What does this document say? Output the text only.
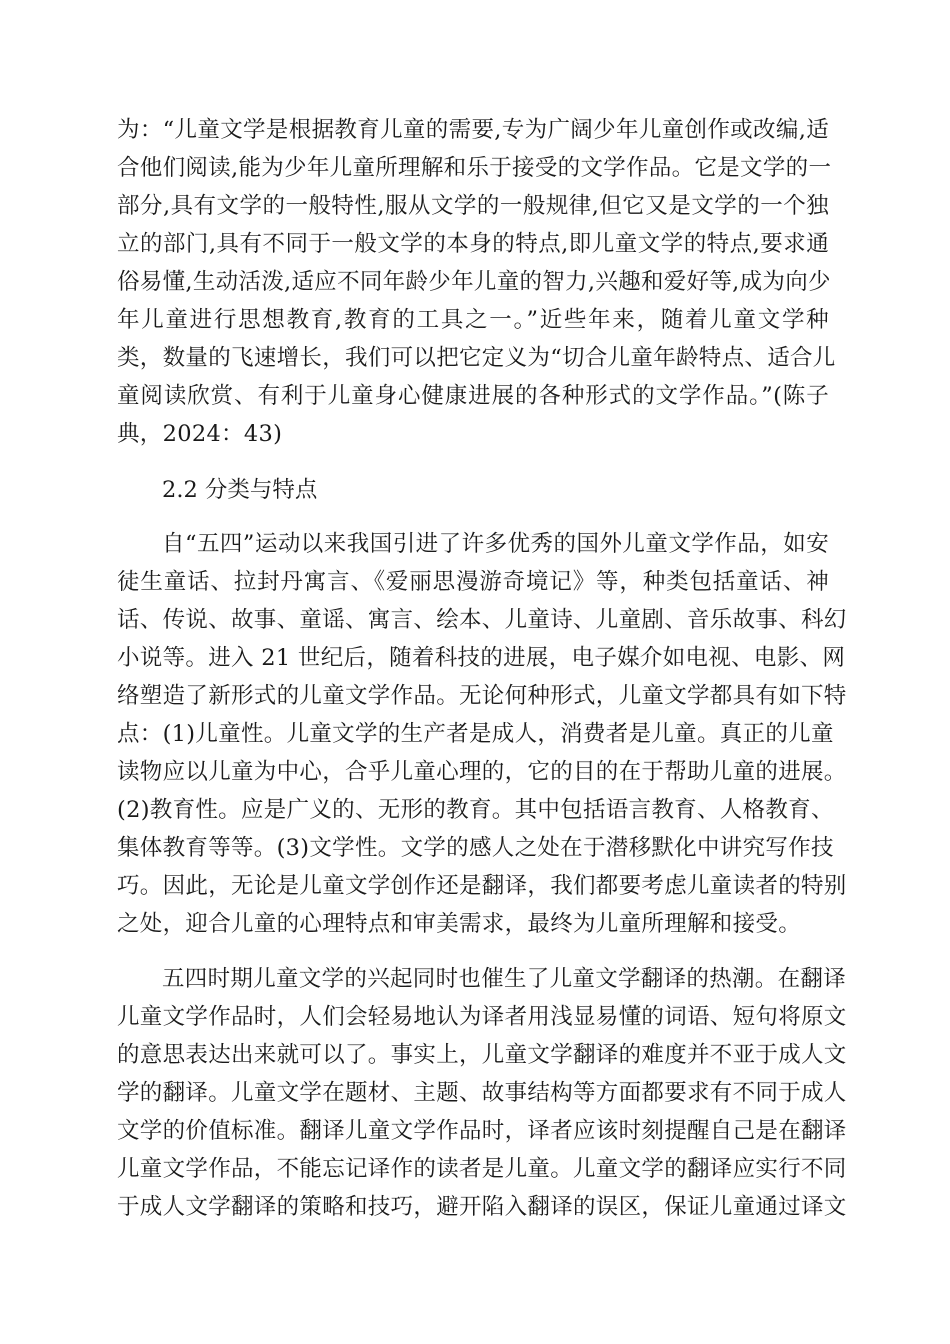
为：“儿童文学是根据教育儿童的需要,专为广阔少年儿童创作或改编,适
合他们阅读,能为少年儿童所理解和乐于接受的文学作品。它是文学的一
部分,具有文学的一般特性,服从文学的一般规律,但它又是文学的一个独
立的部门,具有不同于一般文学的本身的特点,即儿童文学的特点,要求通
俗易懂,生动活泼,适应不同年龄少年儿童的智力,兴趣和爱好等,成为向少
年儿童进行思想教育,教育的工具之一。”近些年来，随着儿童文学种
类，数量的飞速增长，我们可以把它定义为“切合儿童年龄特点、适合儿
童阅读欣赏、有利于儿童身心健康进展的各种形式的文学作品。”(陈子
典，2024：43)
2.2 分类与特点
自“五四”运动以来我国引进了许多优秀的国外儿童文学作品，如安
徒生童话、拉封丹寓言、《爱丽思漫游奇境记》等，种类包括童话、神
话、传说、故事、童谣、寓言、绘本、儿童诗、儿童剧、音乐故事、科幻
小说等。进入 21 世纪后，随着科技的进展，电子媒介如电视、电影、网
络塑造了新形式的儿童文学作品。无论何种形式，儿童文学都具有如下特
点：(1)儿童性。儿童文学的生产者是成人，消费者是儿童。真正的儿童
读物应以儿童为中心，合乎儿童心理的，它的目的在于帮助儿童的进展。
(2)教育性。应是广义的、无形的教育。其中包括语言教育、人格教育、
集体教育等等。(3)文学性。文学的感人之处在于潜移默化中讲究写作技
巧。因此，无论是儿童文学创作还是翻译，我们都要考虑儿童读者的特别
之处，迎合儿童的心理特点和审美需求，最终为儿童所理解和接受。
五四时期儿童文学的兴起同时也催生了儿童文学翻译的热潮。在翻译
儿童文学作品时，人们会轻易地认为译者用浅显易懂的词语、短句将原文
的意思表达出来就可以了。事实上，儿童文学翻译的难度并不亚于成人文
学的翻译。儿童文学在题材、主题、故事结构等方面都要求有不同于成人
文学的价值标准。翻译儿童文学作品时，译者应该时刻提醒自己是在翻译
儿童文学作品，不能忘记译作的读者是儿童。儿童文学的翻译应实行不同
于成人文学翻译的策略和技巧，避开陷入翻译的误区，保证儿童通过译文
